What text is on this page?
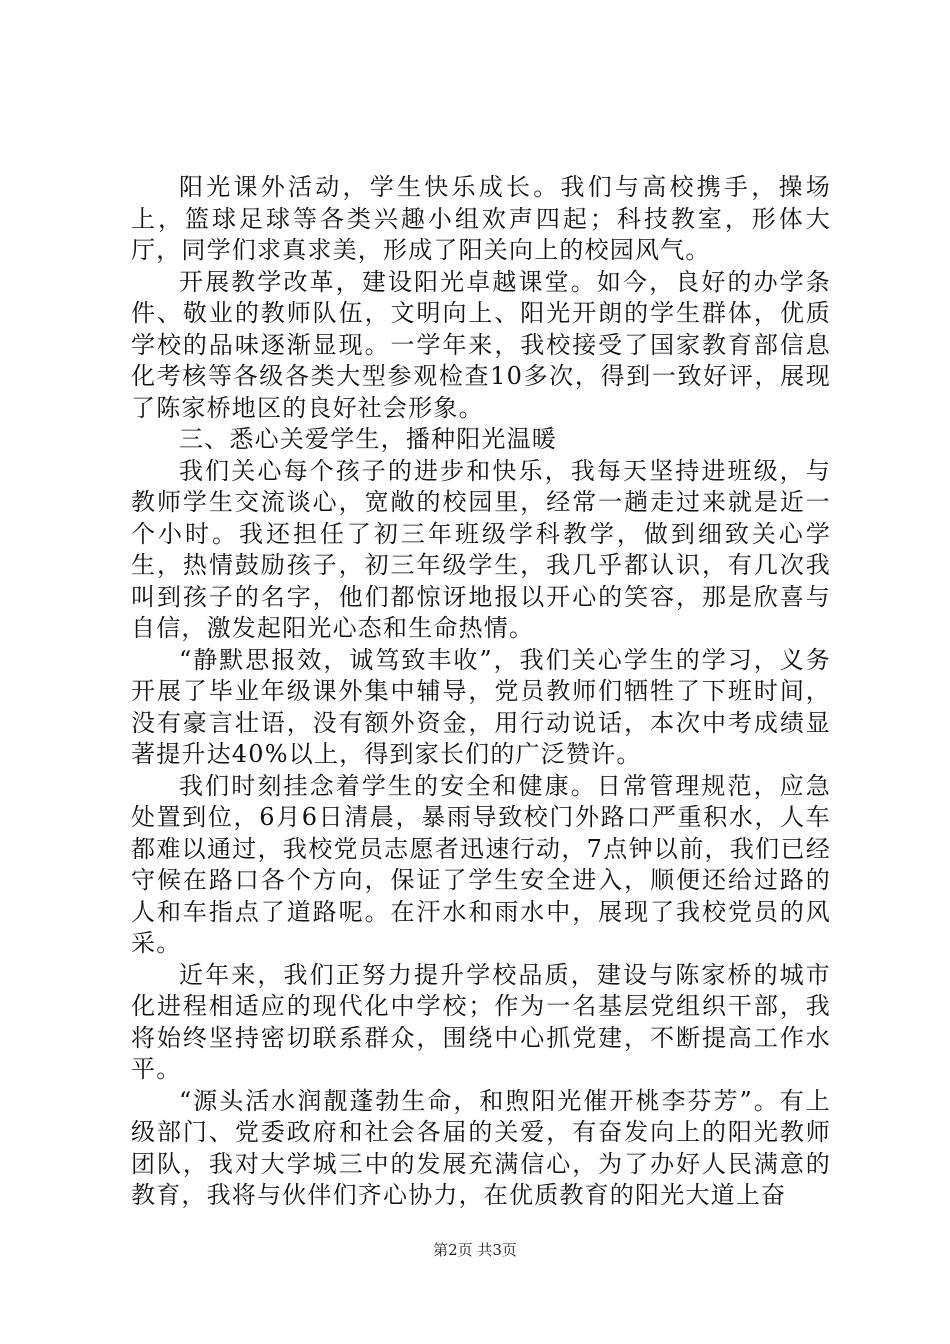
阳光课外活动，学生快乐成长。我们与高校携手，操场上，篮球足球等各类兴趣小组欢声四起；科技教室，形体大厅，同学们求真求美，形成了阳关向上的校园风气。

开展教学改革，建设阳光卓越课堂。如今，良好的办学条件、敬业的教师队伍，文明向上、阳光开朗的学生群体，优质学校的品味逐渐显现。一学年来，我校接受了国家教育部信息化考核等各级各类大型参观检查10多次，得到一致好评，展现了陈家桥地区的良好社会形象。

三、悉心关爱学生，播种阳光温暖

我们关心每个孩子的进步和快乐，我每天坚持进班级，与教师学生交流谈心，宽敞的校园里，经常一趟走过来就是近一个小时。我还担任了初三年班级学科教学，做到细致关心学生，热情鼓励孩子，初三年级学生，我几乎都认识，有几次我叫到孩子的名字，他们都惊讶地报以开心的笑容，那是欣喜与自信，激发起阳光心态和生命热情。

“静默思报效，诚笃致丰收”，我们关心学生的学习，义务开展了毕业年级课外集中辅导，党员教师们牺牲了下班时间，没有豪言壮语，没有额外资金，用行动说话，本次中考成绩显著提升达40%以上，得到家长们的广泛赞许。

我们时刻挂念着学生的安全和健康。日常管理规范，应急处置到位，6月6日清晨，暴雨导致校门外路口严重积水，人车都难以通过，我校党员志愿者迅速行动，7点钟以前，我们已经守候在路口各个方向，保证了学生安全进入，顺便还给过路的人和车指点了道路呢。在汗水和雨水中，展现了我校党员的风采。

近年来，我们正努力提升学校品质，建设与陈家桥的城市化进程相适应的现代化中学校；作为一名基层党组织干部，我将始终坚持密切联系群众，围绕中心抓党建，不断提高工作水平。

“源头活水润靓蓬勃生命，和煦阳光催开桃李芬芳”。有上级部门、党委政府和社会各届的关爱，有奋发向上的阳光教师团队，我对大学城三中的发展充满信心，为了办好人民满意的教育，我将与伙伴们齐心协力，在优质教育的阳光大道上奋

第2页 共3页
